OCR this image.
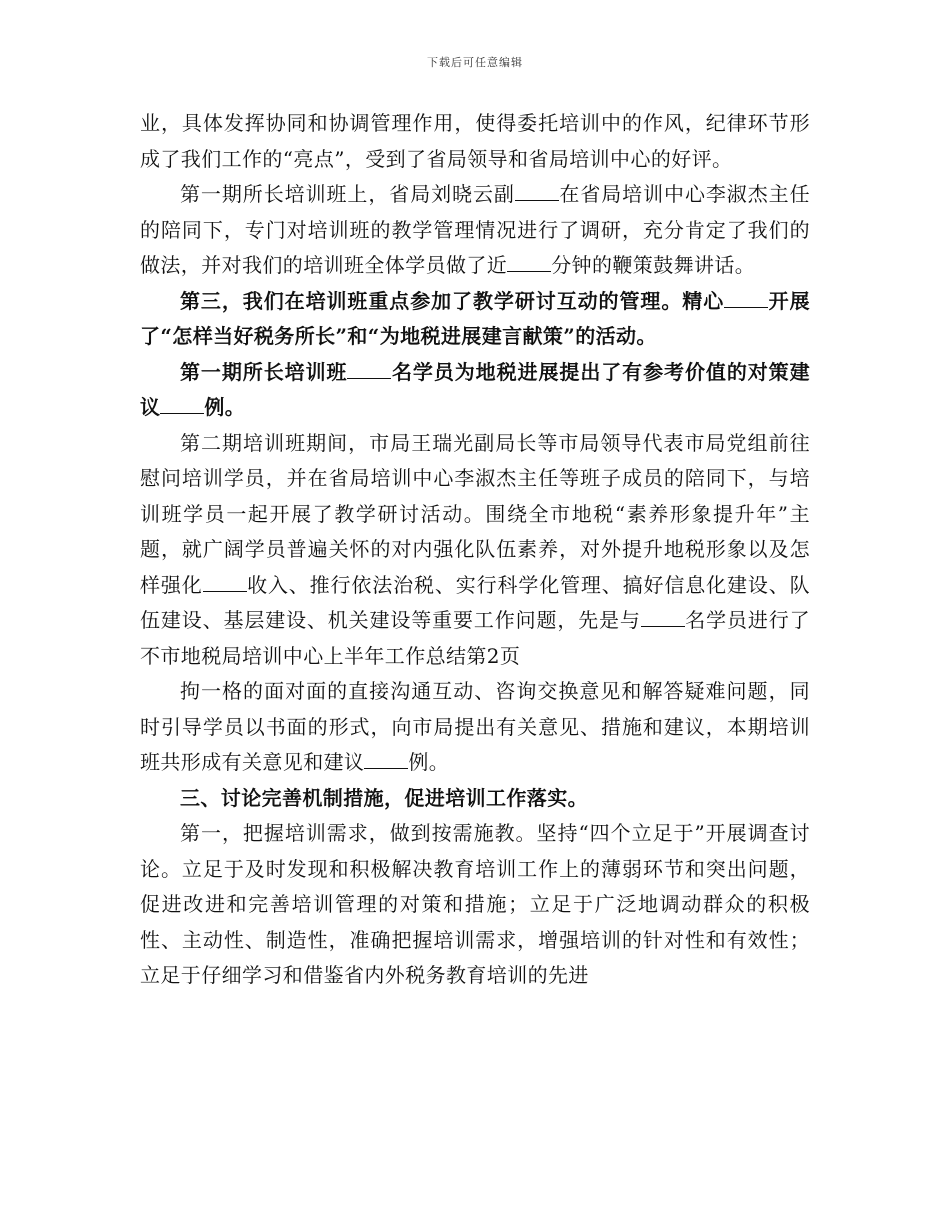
下载后可任意编辑

业，具体发挥协同和协调管理作用，使得委托培训中的作风，纪律环节形成了我们工作的“亮点”，受到了省局领导和省局培训中心的好评。

第一期所长培训班上，省局刘晓云副 在省局培训中心李淑杰主任的陪同下，专门对培训班的教学管理情况进行了调研，充分肯定了我们的做法，并对我们的培训班全体学员做了近 分钟的鞭策鼓舞讲话。

第三，我们在培训班重点参加了教学研讨互动的管理。精心 开展了“怎样当好税务所长”和“为地税进展建言献策”的活动。

第一期所长培训班 名学员为地税进展提出了有参考价值的对策建议 例。

第二期培训班期间，市局王瑞光副局长等市局领导代表市局党组前往慰问培训学员，并在省局培训中心李淑杰主任等班子成员的陪同下，与培训班学员一起开展了教学研讨活动。围绕全市地税“素养形象提升年”主题，就广阔学员普遍关怀的对内强化队伍素养，对外提升地税形象以及怎样强化 收入、推行依法治税、实行科学化管理、搞好信息化建设、队伍建设、基层建设、机关建设等重要工作问题，先是与 名学员进行了不市地税局培训中心上半年工作总结第2页

拘一格的面对面的直接沟通互动、咨询交换意见和解答疑难问题，同时引导学员以书面的形式，向市局提出有关意见、措施和建议，本期培训班共形成有关意见和建议 例。

三、讨论完善机制措施，促进培训工作落实。

第一，把握培训需求，做到按需施教。坚持“四个立足于”开展调查讨论。立足于及时发现和积极解决教育培训工作上的薄弱环节和突出问题，促进改进和完善培训管理的对策和措施；立足于广泛地调动群众的积极性、主动性、制造性，准确把握培训需求，增强培训的针对性和有效性；立足于仔细学习和借鉴省内外税务教育培训的先进
